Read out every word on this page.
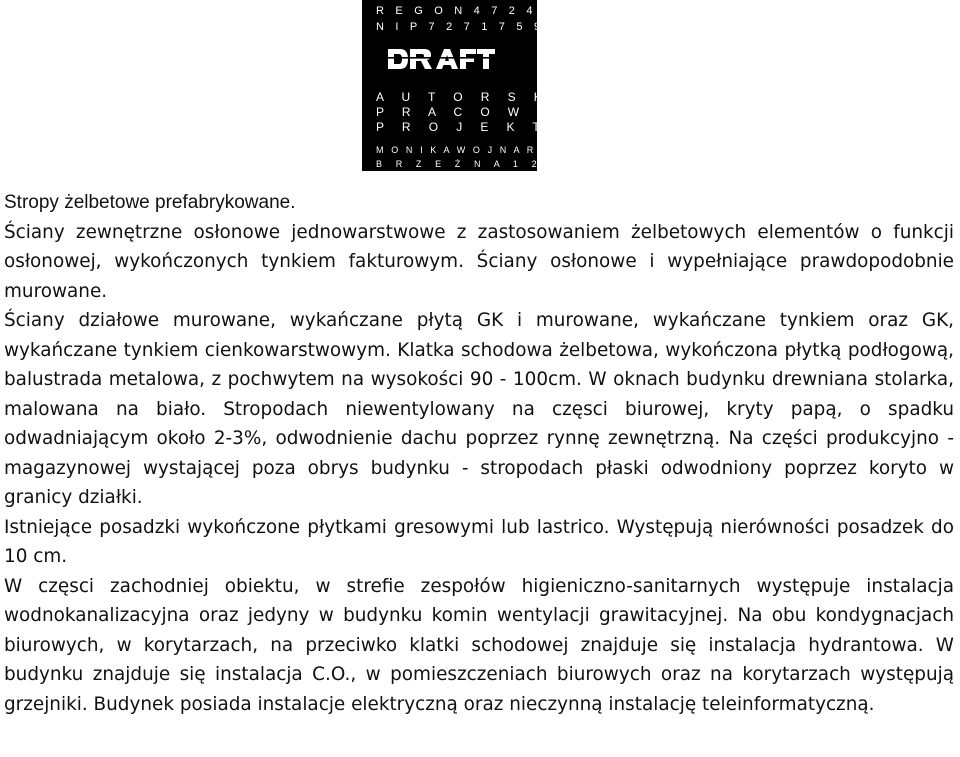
R E G O N 4 7 2 4 0 2 5 3 7
N I P 7 2 7 1 7 5 9 6 1 1
A U T O R S K A
P R A C O W N I A
P R O J E K T O W A
M O N I K A W O J N A R O W S K A
B R Z E Ż N A 1 2 M. 5
9 0 - 3 0 3 Ł Ó D Ź

Stropy żelbetowe prefabrykowane.

Ściany zewnętrzne osłonowe jednowarstwowe z zastosowaniem żelbetowych elementów o funkcji osłonowej, wykończonych tynkiem fakturowym. Ściany osłonowe i wypełniające prawdopodobnie murowane.

Ściany działowe murowane, wykańczane płytą GK i murowane, wykańczane tynkiem oraz GK, wykańczane tynkiem cienkowarstwowym. Klatka schodowa żelbetowa, wykończona płytką podłogową, balustrada metalowa, z pochwytem na wysokości 90 - 100cm. W oknach budynku drewniana stolarka, malowana na biało. Stropodach niewentylowany na częsci biurowej, kryty papą, o spadku odwadniającym około 2-3%, odwodnienie dachu poprzez rynnę zewnętrzną. Na części produkcyjno - magazynowej wystającej poza obrys budynku - stropodach płaski odwodniony poprzez koryto w granicy działki.

Istniejące posadzki wykończone płytkami gresowymi lub lastrico. Występują nierówności posadzek do 10 cm.

W częsci zachodniej obiektu, w strefie zespołów higieniczno-sanitarnych występuje instalacja wodnokanalizacyjna oraz jedyny w budynku komin wentylacji grawitacyjnej. Na obu kondygnacjach biurowych, w korytarzach, na przeciwko klatki schodowej znajduje się instalacja hydrantowa. W budynku znajduje się instalacja C.O., w pomieszczeniach biurowych oraz na korytarzach występują grzejniki. Budynek posiada instalacje elektryczną oraz nieczynną instalację teleinformatyczną.
